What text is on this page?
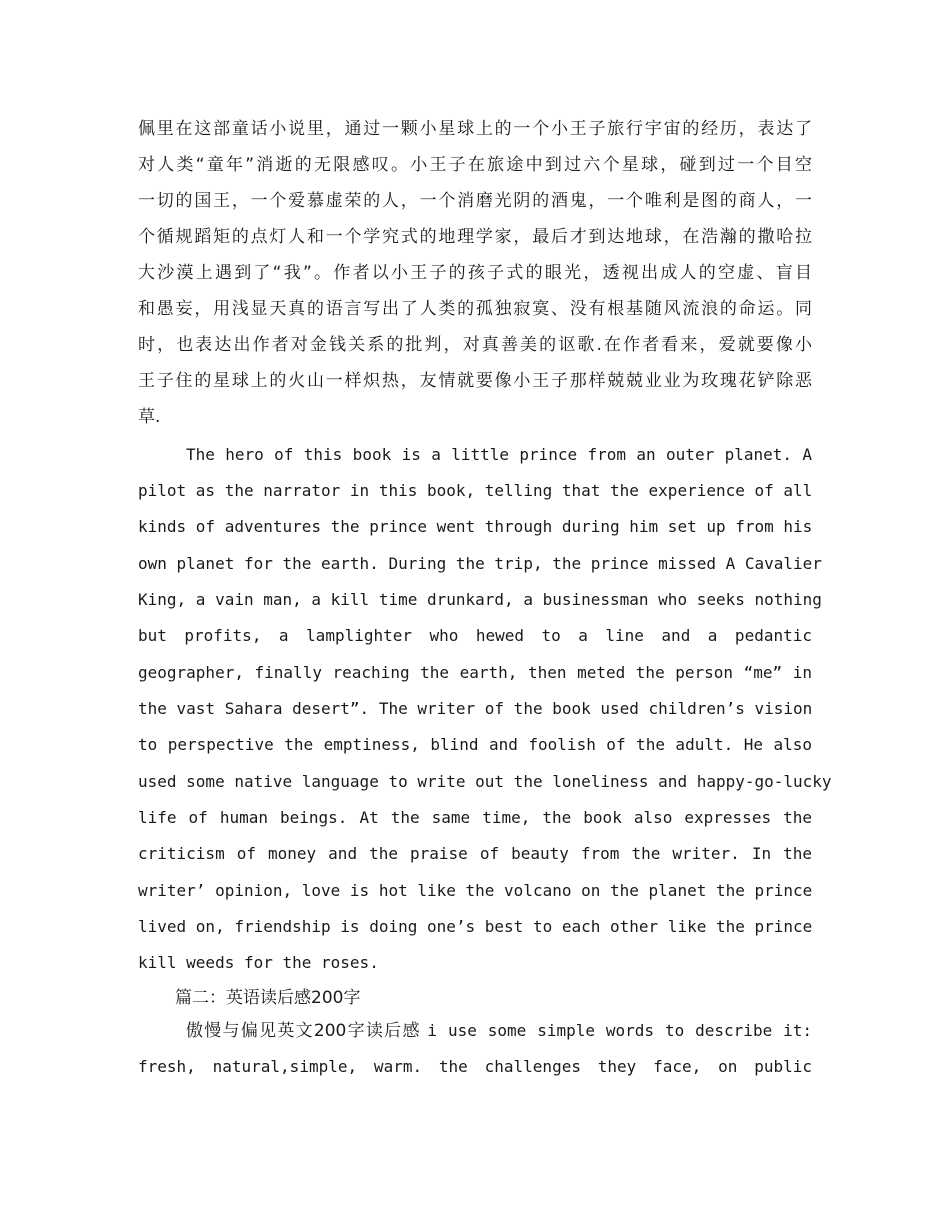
佩里在这部童话小说里，通过一颗小星球上的一个小王子旅行宇宙的经历，表达了
对人类“童年”消逝的无限感叹。小王子在旅途中到过六个星球，碰到过一个目空
一切的国王，一个爱慕虚荣的人，一个消磨光阴的酒鬼，一个唯利是图的商人，一
个循规蹈矩的点灯人和一个学究式的地理学家，最后才到达地球，在浩瀚的撒哈拉
大沙漠上遇到了“我”。作者以小王子的孩子式的眼光，透视出成人的空虚、盲目
和愚妄，用浅显天真的语言写出了人类的孤独寂寞、没有根基随风流浪的命运。同
时，也表达出作者对金钱关系的批判，对真善美的讴歌.在作者看来，爱就要像小
王子住的星球上的火山一样炽热，友情就要像小王子那样兢兢业业为玫瑰花铲除恶
草.
The hero of this book is a little prince from an outer planet. A
pilot as the narrator in this book, telling that the experience of all
kinds of adventures the prince went through during him set up from his
own planet for the earth. During the trip, the prince missed A Cavalier
King, a vain man, a kill time drunkard, a businessman who seeks nothing
but profits, a lamplighter who hewed to a line and a pedantic
geographer, finally reaching the earth, then meted the person “me” in
the vast Sahara desert”. The writer of the book used children’s vision
to perspective the emptiness, blind and foolish of the adult. He also
used some native language to write out the loneliness and happy-go-lucky
life of human beings. At the same time, the book also expresses the
criticism of money and the praise of beauty from the writer. In the
writer’ opinion, love is hot like the volcano on the planet the prince
lived on, friendship is doing one’s best to each other like the prince
kill weeds for the roses.
篇二：英语读后感200字
傲慢与偏见英文200字读后感 i use some simple words to describe it:
fresh, natural,simple, warm. the challenges they face, on public
